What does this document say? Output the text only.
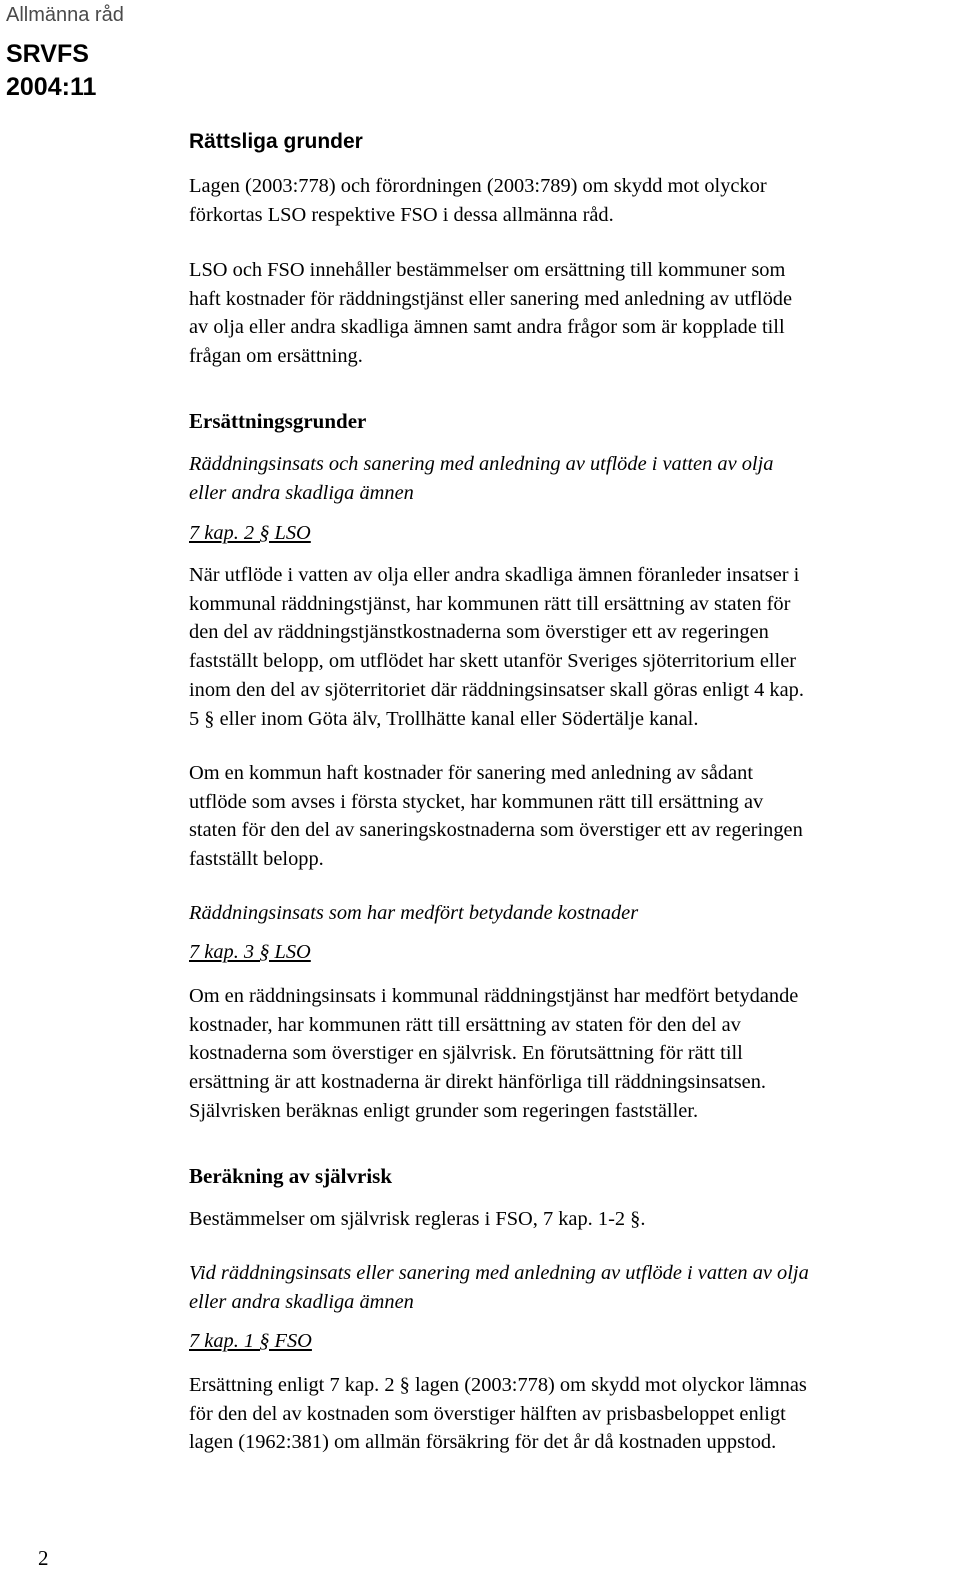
Allmänna råd
SRVFS
2004:11
Rättsliga grunder
Lagen (2003:778) och förordningen (2003:789) om skydd mot olyckor
förkortas LSO respektive FSO i dessa allmänna råd.
LSO och FSO innehåller bestämmelser om ersättning till kommuner som
haft kostnader för räddningstjänst eller sanering med anledning av utflöde
av olja eller andra skadliga ämnen samt andra frågor som är kopplade till
frågan om ersättning.
Ersättningsgrunder
Räddningsinsats och sanering med anledning av utflöde i vatten av olja
eller andra skadliga ämnen
7 kap. 2 § LSO
När utflöde i vatten av olja eller andra skadliga ämnen föranleder insatser i
kommunal räddningstjänst, har kommunen rätt till ersättning av staten för
den del av räddningstjänstkostnaderna som överstiger ett av regeringen
fastställt belopp, om utflödet har skett utanför Sveriges sjöterritorium eller
inom den del av sjöterritoriet där räddningsinsatser skall göras enligt 4 kap.
5 § eller inom Göta älv, Trollhätte kanal eller Södertälje kanal.
Om en kommun haft kostnader för sanering med anledning av sådant
utflöde som avses i första stycket, har kommunen rätt till ersättning av
staten för den del av saneringskostnaderna som överstiger ett av regeringen
fastställt belopp.
Räddningsinsats som har medfört betydande kostnader
7 kap. 3 § LSO
Om en räddningsinsats i kommunal räddningstjänst har medfört betydande
kostnader, har kommunen rätt till ersättning av staten för den del av
kostnaderna som överstiger en självrisk. En förutsättning för rätt till
ersättning är att kostnaderna är direkt hänförliga till räddningsinsatsen.
Självrisken beräknas enligt grunder som regeringen fastställer.
Beräkning av självrisk
Bestämmelser om självrisk regleras i FSO, 7 kap. 1-2 §.
Vid räddningsinsats eller sanering med anledning av utflöde i vatten av olja
eller andra skadliga ämnen
7 kap. 1 § FSO
Ersättning enligt 7 kap. 2 § lagen (2003:778) om skydd mot olyckor lämnas
för den del av kostnaden som överstiger hälften av prisbasbeloppet enligt
lagen (1962:381) om allmän försäkring för det år då kostnaden uppstod.
2
